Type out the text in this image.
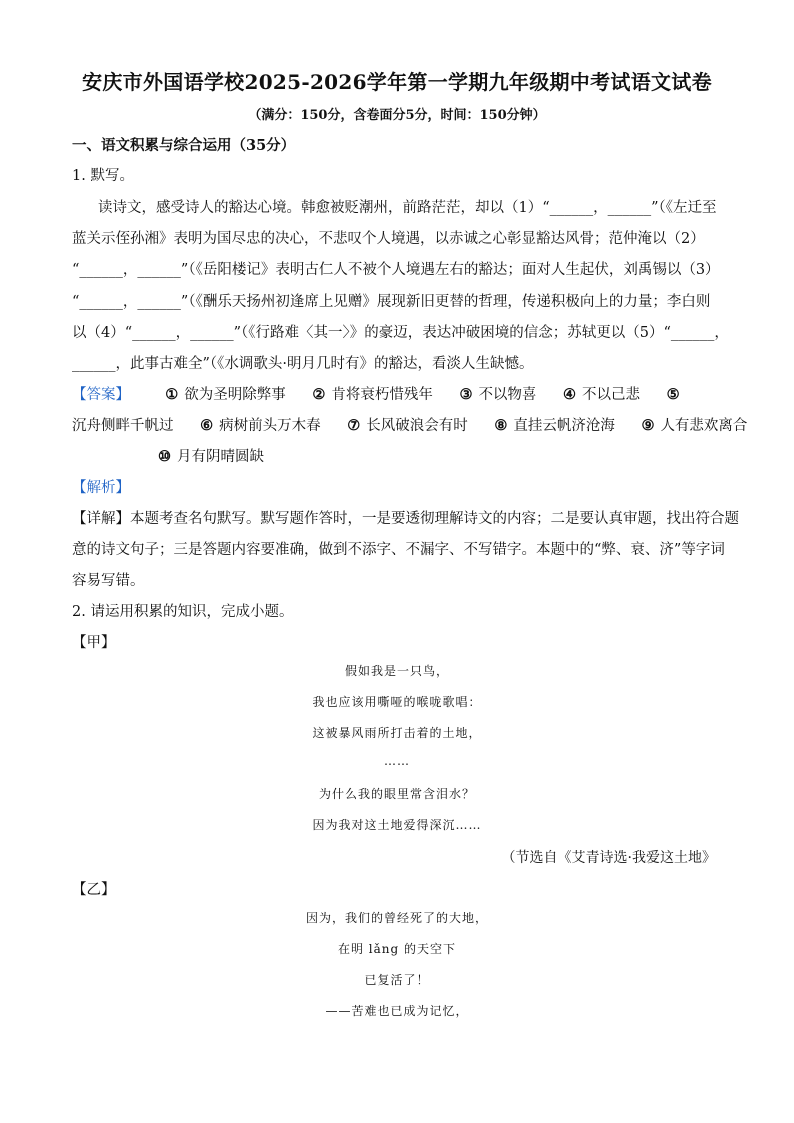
安庆市外国语学校2025-2026学年第一学期九年级期中考试语文试卷
（满分：150分，含卷面分5分，时间：150分钟）
一、语文积累与综合运用（35分）
1. 默写。
读诗文，感受诗人的豁达心境。韩愈被贬潮州，前路茫茫，却以（1）“______，______”（《左迁至
蓝关示侄孙湘》表明为国尽忠的决心，不悲叹个人境遇，以赤诚之心彰显豁达风骨；范仲淹以（2）
“______，______”（《岳阳楼记》表明古仁人不被个人境遇左右的豁达；面对人生起伏，刘禹锡以（3）
“______，______”（《酬乐天扬州初逢席上见赠》展现新旧更替的哲理，传递积极向上的力量；李白则
以（4）“______，______”（《行路难〈其一〉》的豪迈，表达冲破困境的信念；苏轼更以（5）“______，
______，此事古难全”（《水调歌头·明月几时有》的豁达，看淡人生缺憾。
【答案】 ① 欲为圣明除弊事 ② 肯将衰朽惜残年 ③ 不以物喜 ④ 不以己悲 ⑤
沉舟侧畔千帆过 ⑥ 病树前头万木春 ⑦ 长风破浪会有时 ⑧ 直挂云帆济沧海 ⑨ 人有悲欢离合
⑩ 月有阴晴圆缺
【解析】
【详解】本题考查名句默写。默写题作答时，一是要透彻理解诗文的内容；二是要认真审题，找出符合题
意的诗文句子；三是答题内容要准确，做到不添字、不漏字、不写错字。本题中的“弊、衰、济”等字词
容易写错。
2. 请运用积累的知识，完成小题。
【甲】
假如我是一只鸟，
我也应该用嘶哑的喉咙歌唱：
这被暴风雨所打击着的土地，
……
为什么我的眼里常含泪水？
因为我对这土地爱得深沉……
（节选自《艾青诗选·我爱这土地》
【乙】
因为，我们的曾经死了的大地，
在明 lǎng 的天空下
已复活了！
——苦难也已成为记忆，
